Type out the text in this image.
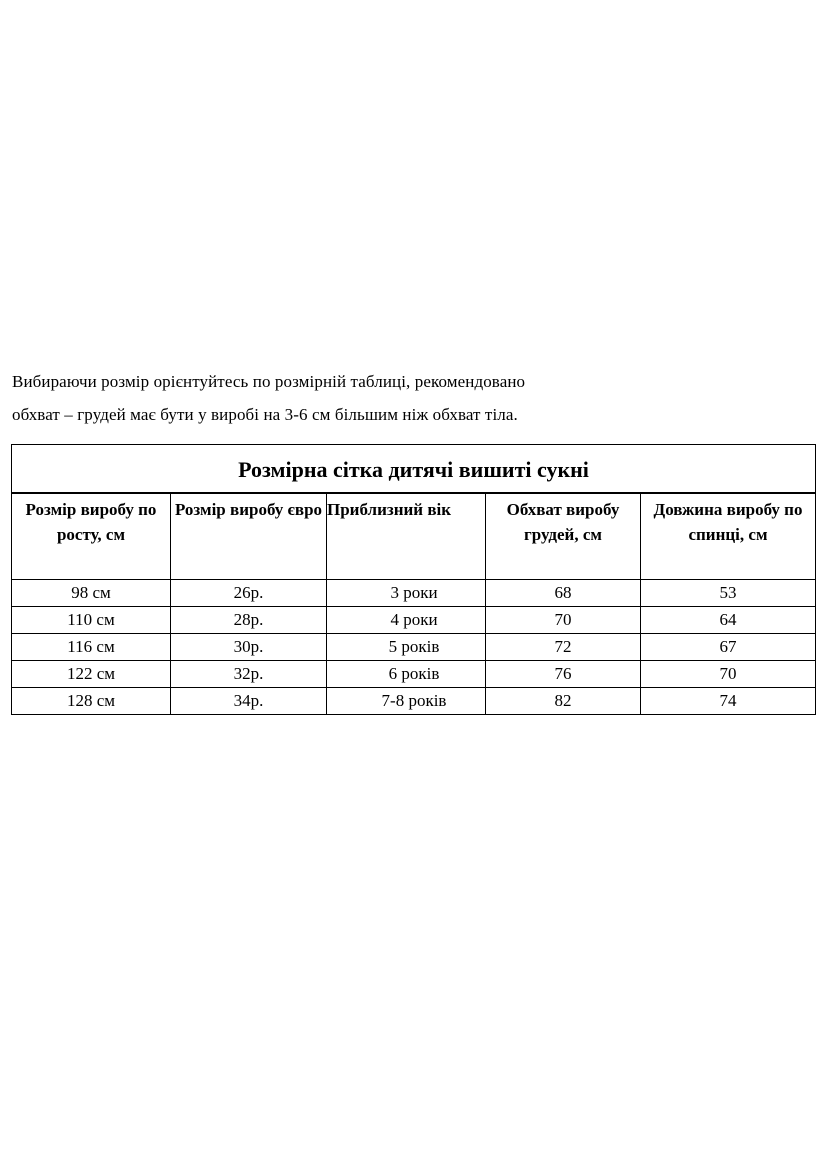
Вибираючи розмір орієнтуйтесь по розмірній таблиці, рекомендовано
обхват – грудей має бути у виробі на 3-6 см більшим ніж обхват тіла.
Розмірна сітка дитячі вишиті сукні				

Розмір виробу по росту, см	Розмір виробу євро	Приблизний вік	Обхват виробу грудей, см	Довжина виробу по спинці, см
98 см	26р.	3 роки	68	53
110 см	28р.	4 роки	70	64
116 см	30р.	5 років	72	67
122 см	32р.	6 років	76	70
128 см	34р.	7-8 років	82	74
